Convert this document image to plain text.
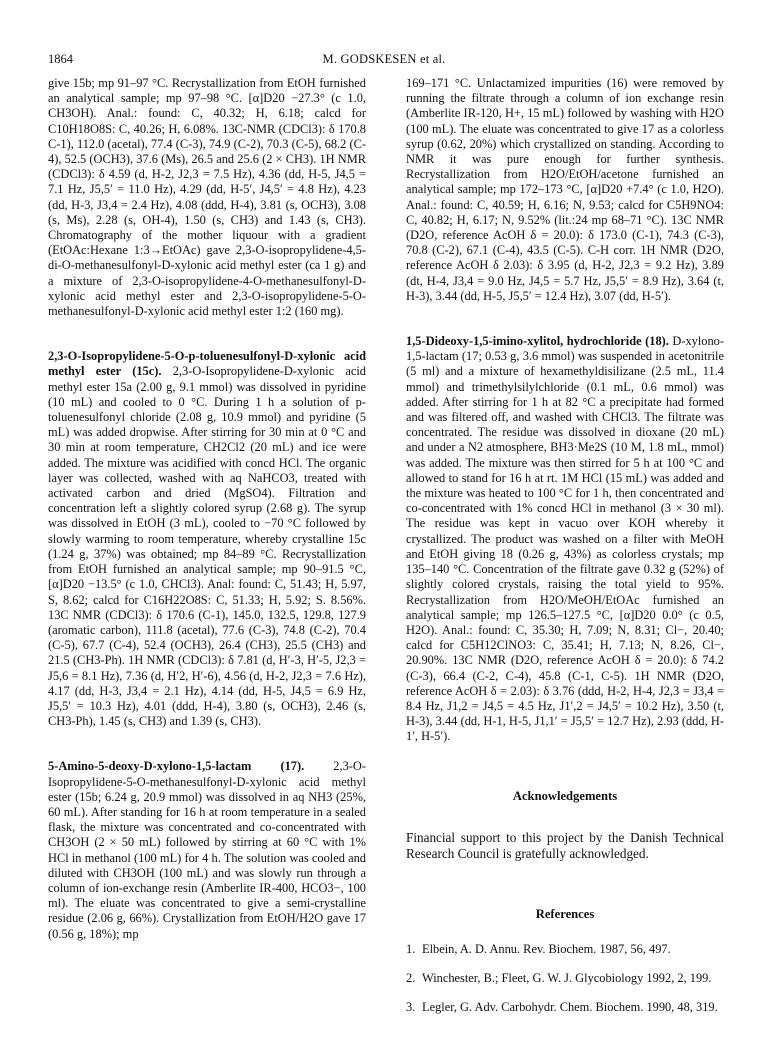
1864	M. GODSKESEN et al.

give 15b; mp 91–97 °C. Recrystallization from EtOH furnished an analytical sample; mp 97–98 °C. [α]D20 −27.3° (c 1.0, CH3OH). Anal.: found: C, 40.32; H, 6.18; calcd for C10H18O8S: C, 40.26; H, 6.08%. 13C-NMR (CDCl3): δ 170.8 C-1), 112.0 (acetal), 77.4 (C-3), 74.9 (C-2), 70.3 (C-5), 68.2 (C-4), 52.5 (OCH3), 37.6 (Ms), 26.5 and 25.6 (2 × CH3). 1H NMR (CDCl3): δ 4.59 (d, H-2, J2,3 = 7.5 Hz), 4.36 (dd, H-5, J4,5 = 7.1 Hz, J5,5′ = 11.0 Hz), 4.29 (dd, H-5′, J4,5′ = 4.8 Hz), 4.23 (dd, H-3, J3,4 = 2.4 Hz), 4.08 (ddd, H-4), 3.81 (s, OCH3), 3.08 (s, Ms), 2.28 (s, OH-4), 1.50 (s, CH3) and 1.43 (s, CH3). Chromatography of the mother liquour with a gradient (EtOAc:Hexane 1:3→EtOAc) gave 2,3-O-isopropylidene-4,5-di-O-methanesulfonyl-D-xylonic acid methyl ester (ca 1 g) and a mixture of 2,3-O-isopropylidene-4-O-methanesulfonyl-D-xylonic acid methyl ester and 2,3-O-isopropylidene-5-O-methanesulfonyl-D-xylonic acid methyl ester 1:2 (160 mg).

2,3-O-Isopropylidene-5-O-p-toluenesulfonyl-D-xylonic acid methyl ester (15c). 2,3-O-Isopropylidene-D-xylonic acid methyl ester 15a (2.00 g, 9.1 mmol) was dissolved in pyridine (10 mL) and cooled to 0 °C. During 1 h a solution of p-toluenesulfonyl chloride (2.08 g, 10.9 mmol) and pyridine (5 mL) was added dropwise. After stirring for 30 min at 0 °C and 30 min at room temperature, CH2Cl2 (20 mL) and ice were added. The mixture was acidified with concd HCl. The organic layer was collected, washed with aq NaHCO3, treated with activated carbon and dried (MgSO4). Filtration and concentration left a slightly colored syrup (2.68 g). The syrup was dissolved in EtOH (3 mL), cooled to −70 °C followed by slowly warming to room temperature, whereby crystalline 15c (1.24 g, 37%) was obtained; mp 84–89 °C. Recrystallization from EtOH furnished an analytical sample; mp 90–91.5 °C, [α]D20 −13.5° (c 1.0, CHCl3). Anal: found: C, 51.43; H, 5.97, S, 8.62; calcd for C16H22O8S: C, 51.33; H, 5.92; S. 8.56%. 13C NMR (CDCl3): δ 170.6 (C-1), 145.0, 132.5, 129.8, 127.9 (aromatic carbon), 111.8 (acetal), 77.6 (C-3), 74.8 (C-2), 70.4 (C-5), 67.7 (C-4), 52.4 (OCH3), 26.4 (CH3), 25.5 (CH3) and 21.5 (CH3-Ph). 1H NMR (CDCl3): δ 7.81 (d, H′-3, H′-5, J2,3 = J5,6 = 8.1 Hz), 7.36 (d, H′2, H′-6), 4.56 (d, H-2, J2,3 = 7.6 Hz), 4.17 (dd, H-3, J3,4 = 2.1 Hz), 4.14 (dd, H-5, J4,5 = 6.9 Hz, J5,5′ = 10.3 Hz), 4.01 (ddd, H-4), 3.80 (s, OCH3), 2.46 (s, CH3-Ph), 1.45 (s, CH3) and 1.39 (s, CH3).

5-Amino-5-deoxy-D-xylono-1,5-lactam (17). 2,3-O-Isopropylidene-5-O-methanesulfonyl-D-xylonic acid methyl ester (15b; 6.24 g, 20.9 mmol) was dissolved in aq NH3 (25%, 60 mL). After standing for 16 h at room temperature in a sealed flask, the mixture was concentrated and co-concentrated with CH3OH (2 × 50 mL) followed by stirring at 60 °C with 1% HCl in methanol (100 mL) for 4 h. The solution was cooled and diluted with CH3OH (100 mL) and was slowly run through a column of ion-exchange resin (Amberlite IR-400, HCO3−, 100 ml). The eluate was concentrated to give a semi-crystalline residue (2.06 g, 66%). Crystallization from EtOH/H2O gave 17 (0.56 g, 18%); mp

169–171 °C. Unlactamized impurities (16) were removed by running the filtrate through a column of ion exchange resin (Amberlite IR-120, H+, 15 mL) followed by washing with H2O (100 mL). The eluate was concentrated to give 17 as a colorless syrup (0.62, 20%) which crystallized on standing. According to NMR it was pure enough for further synthesis. Recrystallization from H2O/EtOH/acetone furnished an analytical sample; mp 172–173 °C, [α]D20 +7.4° (c 1.0, H2O). Anal.: found: C, 40.59; H, 6.16; N, 9.53; calcd for C5H9NO4: C, 40.82; H, 6.17; N, 9.52% (lit.:24 mp 68–71 °C). 13C NMR (D2O, reference AcOH δ = 20.0): δ 173.0 (C-1), 74.3 (C-3), 70.8 (C-2), 67.1 (C-4), 43.5 (C-5). C-H corr. 1H NMR (D2O, reference AcOH δ 2.03): δ 3.95 (d, H-2, J2,3 = 9.2 Hz), 3.89 (dt, H-4, J3,4 = 9.0 Hz, J4,5 = 5.7 Hz, J5,5′ = 8.9 Hz), 3.64 (t, H-3), 3.44 (dd, H-5, J5,5′ = 12.4 Hz), 3.07 (dd, H-5′).

1,5-Dideoxy-1,5-imino-xylitol, hydrochloride (18). D-xylono-1,5-lactam (17; 0.53 g, 3.6 mmol) was suspended in acetonitrile (5 ml) and a mixture of hexamethyldisilizane (2.5 mL, 11.4 mmol) and trimethylsilylchloride (0.1 mL, 0.6 mmol) was added. After stirring for 1 h at 82 °C a precipitate had formed and was filtered off, and washed with CHCl3. The filtrate was concentrated. The residue was dissolved in dioxane (20 mL) and under a N2 atmosphere, BH3·Me2S (10 M, 1.8 mL, mmol) was added. The mixture was then stirred for 5 h at 100 °C and allowed to stand for 16 h at rt. 1M HCl (15 mL) was added and the mixture was heated to 100 °C for 1 h, then concentrated and co-concentrated with 1% concd HCl in methanol (3 × 30 ml). The residue was kept in vacuo over KOH whereby it crystallized. The product was washed on a filter with MeOH and EtOH giving 18 (0.26 g, 43%) as colorless crystals; mp 135–140 °C. Concentration of the filtrate gave 0.32 g (52%) of slightly colored crystals, raising the total yield to 95%. Recrystallization from H2O/MeOH/EtOAc furnished an analytical sample; mp 126.5–127.5 °C, [α]D20 0.0° (c 0.5, H2O). Anal.: found: C, 35.30; H, 7.09; N, 8.31; Cl−, 20.40; calcd for C5H12ClNO3: C, 35.41; H, 7.13; N, 8.26, Cl−, 20.90%. 13C NMR (D2O, reference AcOH δ = 20.0): δ 74.2 (C-3), 66.4 (C-2, C-4), 45.8 (C-1, C-5). 1H NMR (D2O, reference AcOH δ = 2.03): δ 3.76 (ddd, H-2, H-4, J2,3 = J3,4 = 8.4 Hz, J1,2 = J4,5 = 4.5 Hz, J1′,2 = J4,5′ = 10.2 Hz), 3.50 (t, H-3), 3.44 (dd, H-1, H-5, J1,1′ = J5,5′ = 12.7 Hz), 2.93 (ddd, H-1′, H-5′).

Acknowledgements

Financial support to this project by the Danish Technical Research Council is gratefully acknowledged.

References
1. Elbein, A. D. Annu. Rev. Biochem. 1987, 56, 497.
2. Winchester, B.; Fleet, G. W. J. Glycobiology 1992, 2, 199.
3. Legler, G. Adv. Carbohydr. Chem. Biochem. 1990, 48, 319.
